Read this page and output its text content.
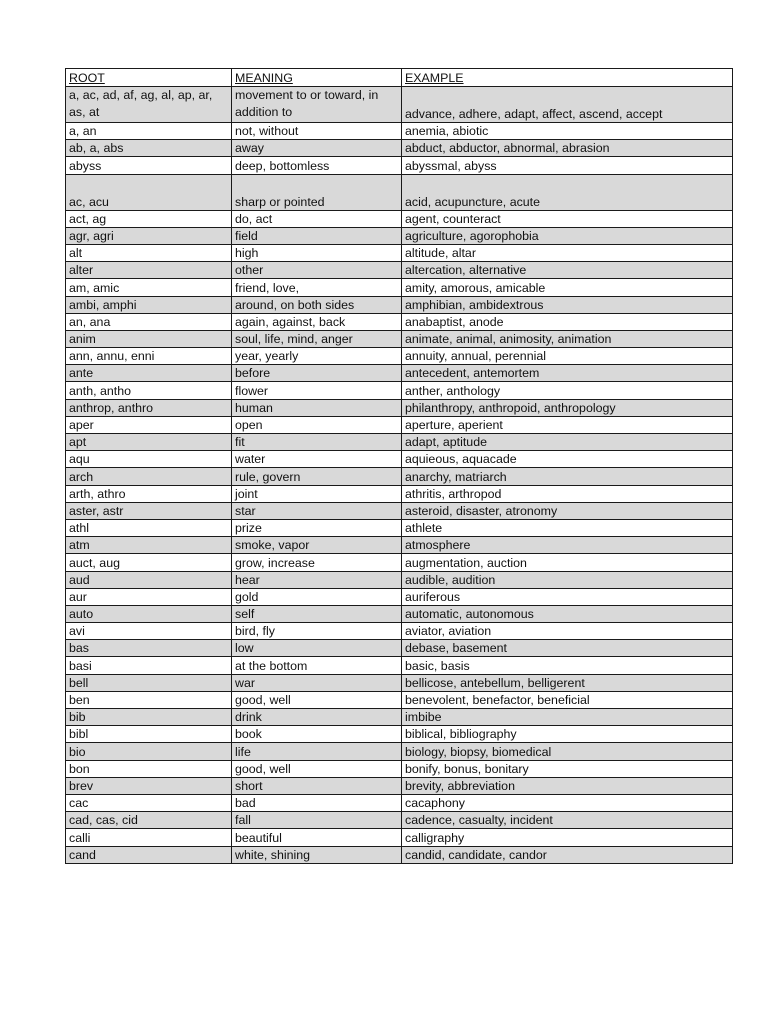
ROOT	MEANING	EXAMPLE
a, ac, ad, af, ag, al, ap, ar, as, at	movement to or toward, in addition to	advance, adhere, adapt, affect, ascend, accept
a, an	not, without	anemia, abiotic
ab, a, abs	away	abduct, abductor, abnormal, abrasion
abyss	deep, bottomless	abyssmal, abyss
ac, acu	sharp or pointed	acid, acupuncture, acute
act, ag	do, act	agent, counteract
agr, agri	field	agriculture, agorophobia
alt	high	altitude, altar
alter	other	altercation, alternative
am, amic	friend, love,	amity, amorous, amicable
ambi, amphi	around, on both sides	amphibian, ambidextrous
an, ana	again, against, back	anabaptist, anode
anim	soul, life, mind, anger	animate, animal, animosity, animation
ann, annu, enni	year, yearly	annuity, annual, perennial
ante	before	antecedent, antemortem
anth, antho	flower	anther, anthology
anthrop, anthro	human	philanthropy, anthropoid, anthropology
aper	open	aperture, aperient
apt	fit	adapt, aptitude
aqu	water	aquieous, aquacade
arch	rule, govern	anarchy, matriarch
arth, athro	joint	athritis, arthropod
aster, astr	star	asteroid, disaster, atronomy
athl	prize	athlete
atm	smoke, vapor	atmosphere
auct, aug	grow, increase	augmentation, auction
aud	hear	audible, audition
aur	gold	auriferous
auto	self	automatic, autonomous
avi	bird, fly	aviator, aviation
bas	low	debase, basement
basi	at the bottom	basic, basis
bell	war	bellicose, antebellum, belligerent
ben	good, well	benevolent, benefactor, beneficial
bib	drink	imbibe
bibl	book	biblical, bibliography
bio	life	biology, biopsy, biomedical
bon	good, well	bonify, bonus, bonitary
brev	short	brevity, abbreviation
cac	bad	cacaphony
cad, cas, cid	fall	cadence, casualty, incident
calli	beautiful	calligraphy
cand	white, shining	candid, candidate, candor
